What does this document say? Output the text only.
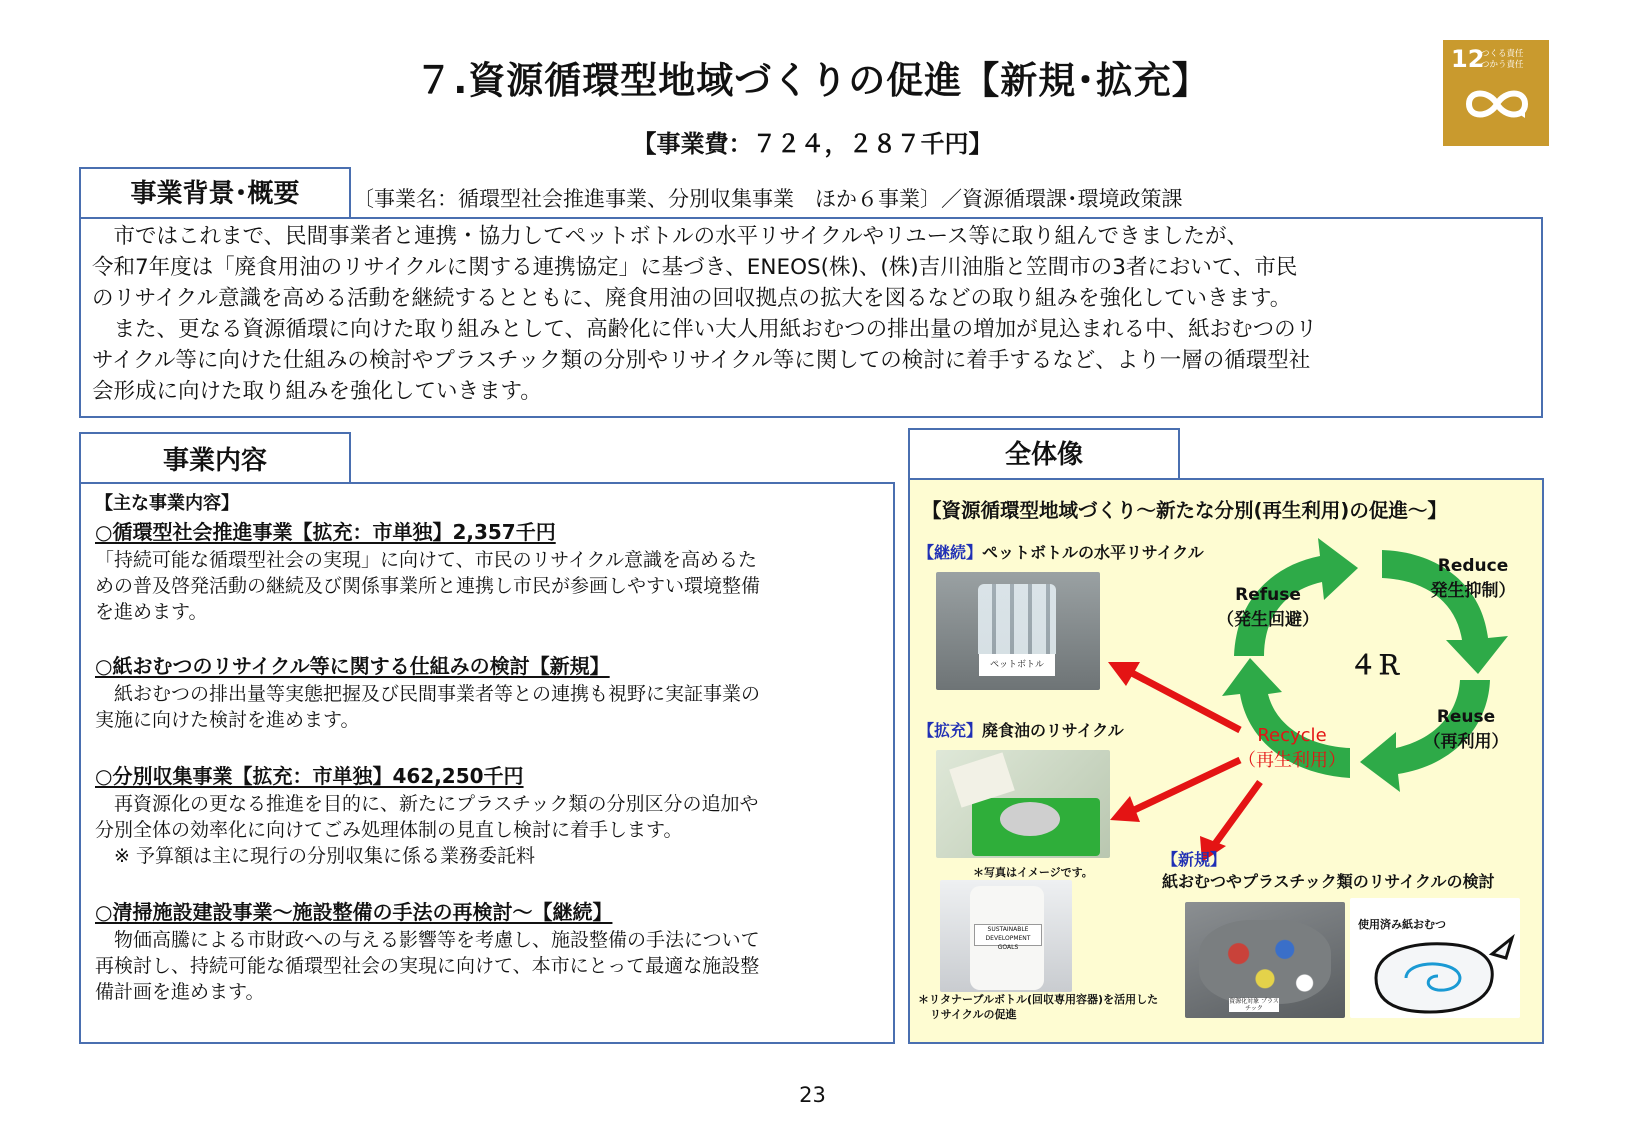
７.資源循環型地域づくりの促進【新規･拡充】
【事業費：７２４，２８７千円】
12
つくる責任
つかう責任
事業背景･概要	〔事業名：循環型社会推進事業、分別収集事業　ほか６事業〕／資源循環課･環境政策課

　市ではこれまで、民間事業者と連携・協力してペットボトルの水平リサイクルやリユース等に取り組んできましたが、

令和7年度は「廃食用油のリサイクルに関する連携協定」に基づき、ENEOS(株)、(株)吉川油脂と笠間市の3者において、市民

のリサイクル意識を高める活動を継続するとともに、廃食用油の回収拠点の拡大を図るなどの取り組みを強化していきます。

　また、更なる資源循環に向けた取り組みとして、高齢化に伴い大人用紙おむつの排出量の増加が見込まれる中、紙おむつのリ

サイクル等に向けた仕組みの検討やプラスチック類の分別やリサイクル等に関しての検討に着手するなど、より一層の循環型社

会形成に向けた取り組みを強化していきます。

事業内容
【主な事業内容】
○循環型社会推進事業【拡充：市単独】2,357千円
「持続可能な循環型社会の実現」に向けて、市民のリサイクル意識を高めるた
めの普及啓発活動の継続及び関係事業所と連携し市民が参画しやすい環境整備
を進めます。
○紙おむつのリサイクル等に関する仕組みの検討【新規】
　紙おむつの排出量等実態把握及び民間事業者等との連携も視野に実証事業の
実施に向けた検討を進めます。
○分別収集事業【拡充：市単独】462,250千円
　再資源化の更なる推進を目的に、新たにプラスチック類の分別区分の追加や
分別全体の効率化に向けてごみ処理体制の見直し検討に着手します。
　※ 予算額は主に現行の分別収集に係る業務委託料
○清掃施設建設事業～施設整備の手法の再検討～【継続】
　物価高騰による市財政への与える影響等を考慮し、施設整備の手法について
再検討し、持続可能な循環型社会の実現に向けて、本市にとって最適な施設整
備計画を進めます。
全体像
【資源循環型地域づくり～新たな分別(再生利用)の促進～】
【継続】ペットボトルの水平リサイクル
ペットボトル
【拡充】廃食油のリサイクル
＊写真はイメージです。
SUSTAINABLE DEVELOPMENT GOALS
＊リタナーブルボトル(回収専用容器)を活用した
リサイクルの促進
４Ｒ
Refuse
（発生回避）
Reduce
発生抑制）
Reuse
（再利用）
Recycle
（再生利用）
【新規】
紙おむつやプラスチック類のリサイクルの検討
資源化対象 プラスチック
使用済み紙おむつ
23
